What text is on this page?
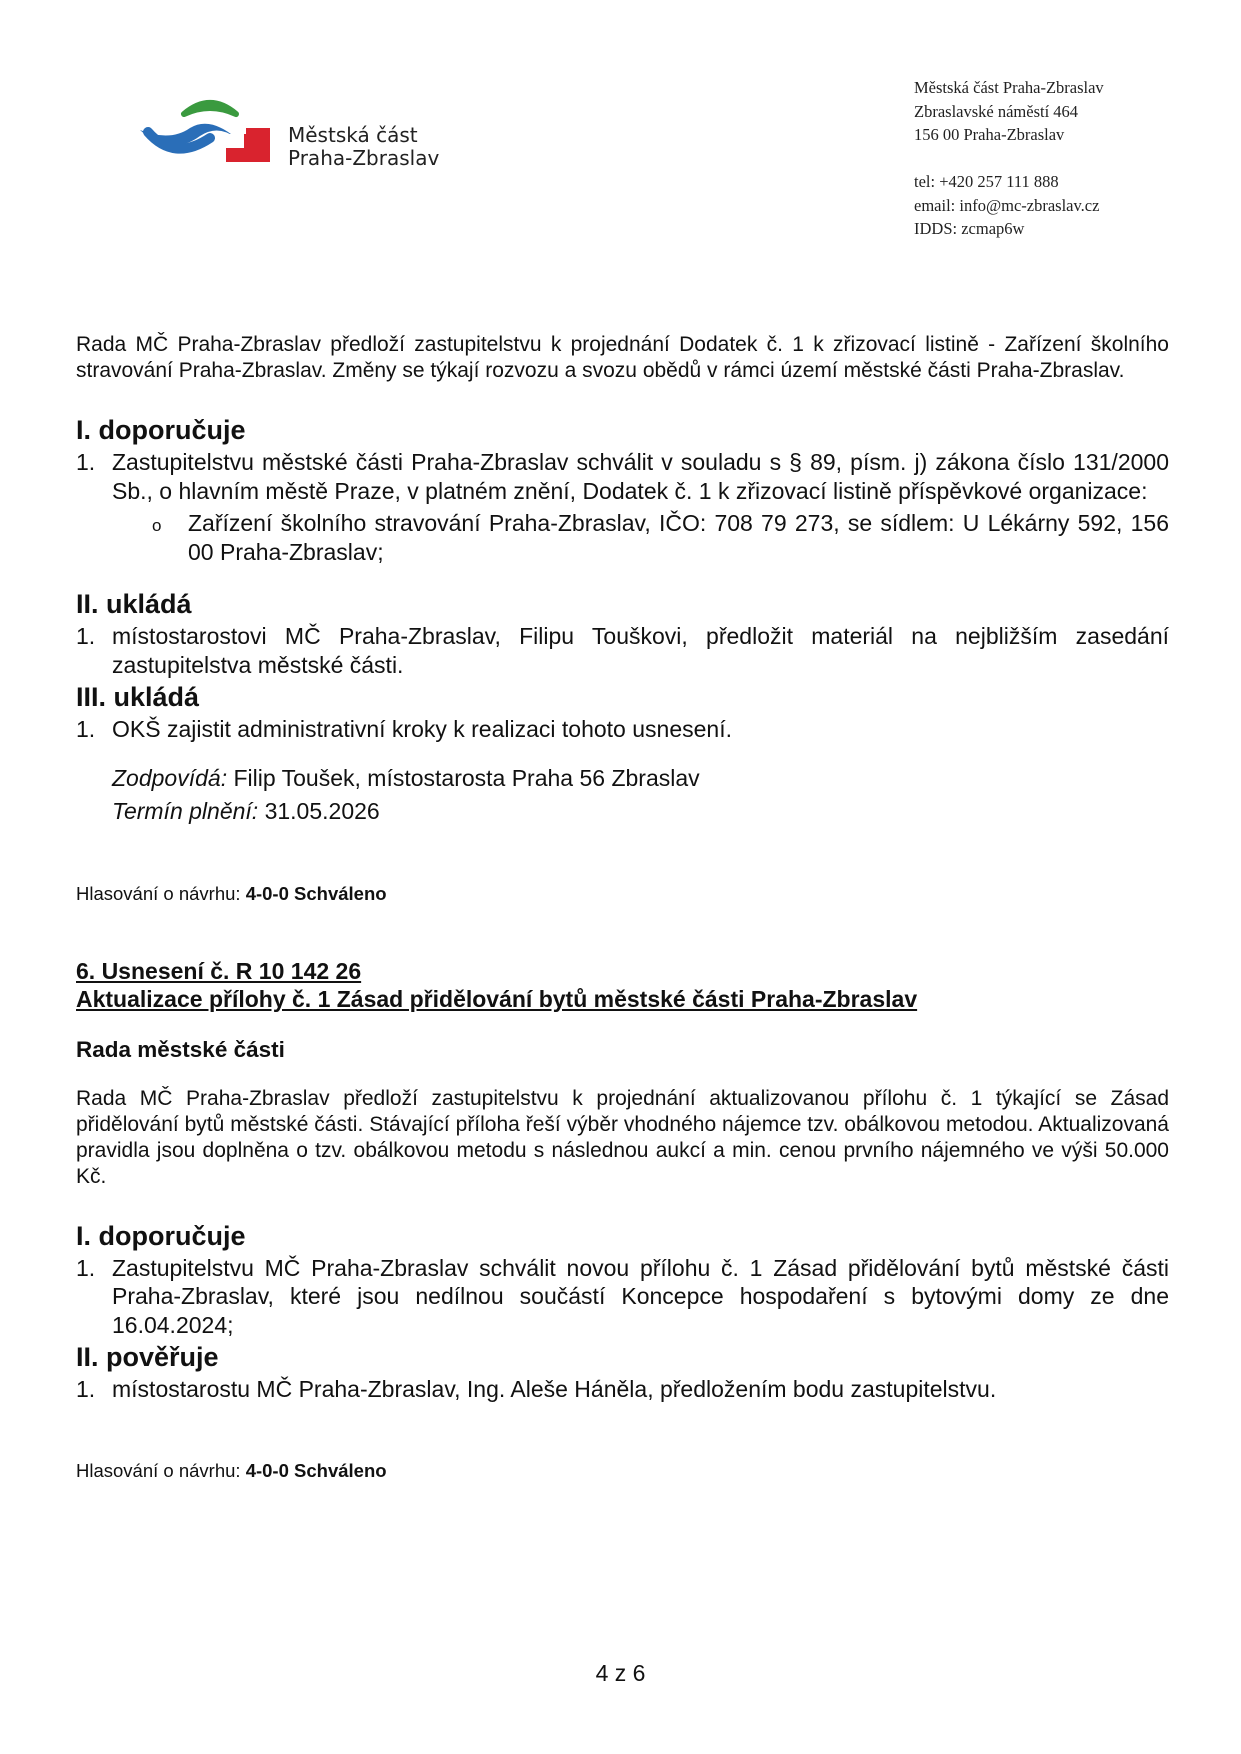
Městská část
Praha-Zbraslav
Městská část Praha-Zbraslav
Zbraslavské náměstí 464
156 00 Praha-Zbraslav
tel: +420 257 111 888
email: info@mc-zbraslav.cz
IDDS: zcmap6w

Rada MČ Praha-Zbraslav předloží zastupitelstvu k projednání Dodatek č. 1 k zřizovací listině - Zařízení školního stravování Praha-Zbraslav. Změny se týkají rozvozu a svozu obědů v rámci území městské části Praha-Zbraslav.

I. doporučuje

1. Zastupitelstvu městské části Praha-Zbraslav schválit v souladu s § 89, písm. j) zákona číslo 131/2000 Sb., o hlavním městě Praze, v platném znění, Dodatek č. 1 k zřizovací listině příspěvkové organizace:
o Zařízení školního stravování Praha-Zbraslav, IČO: 708 79 273, se sídlem: U Lékárny 592, 156 00 Praha-Zbraslav;

II. ukládá

1. místostarostovi MČ Praha-Zbraslav, Filipu Touškovi, předložit materiál na nejbližším zasedání zastupitelstva městské části.

III. ukládá

1. OKŠ zajistit administrativní kroky k realizaci tohoto usnesení.
Zodpovídá: Filip Toušek, místostarosta Praha 56 Zbraslav
Termín plnění: 31.05.2026
Hlasování o návrhu: 4-0-0 Schváleno
6. Usnesení č. R 10 142 26
Aktualizace přílohy č. 1 Zásad přidělování bytů městské části Praha-Zbraslav
Rada městské části

Rada MČ Praha-Zbraslav předloží zastupitelstvu k projednání aktualizovanou přílohu č. 1 týkající se Zásad přidělování bytů městské části. Stávající příloha řeší výběr vhodného nájemce tzv. obálkovou metodou. Aktualizovaná pravidla jsou doplněna o tzv. obálkovou metodu s následnou aukcí a min. cenou prvního nájemného ve výši 50.000 Kč.

I. doporučuje

1. Zastupitelstvu MČ Praha-Zbraslav schválit novou přílohu č. 1 Zásad přidělování bytů městské části Praha-Zbraslav, které jsou nedílnou součástí Koncepce hospodaření s bytovými domy ze dne 16.04.2024;

II. pověřuje

1. místostarostu MČ Praha-Zbraslav, Ing. Aleše Háněla, předložením bodu zastupitelstvu.
Hlasování o návrhu: 4-0-0 Schváleno
4 z 6
